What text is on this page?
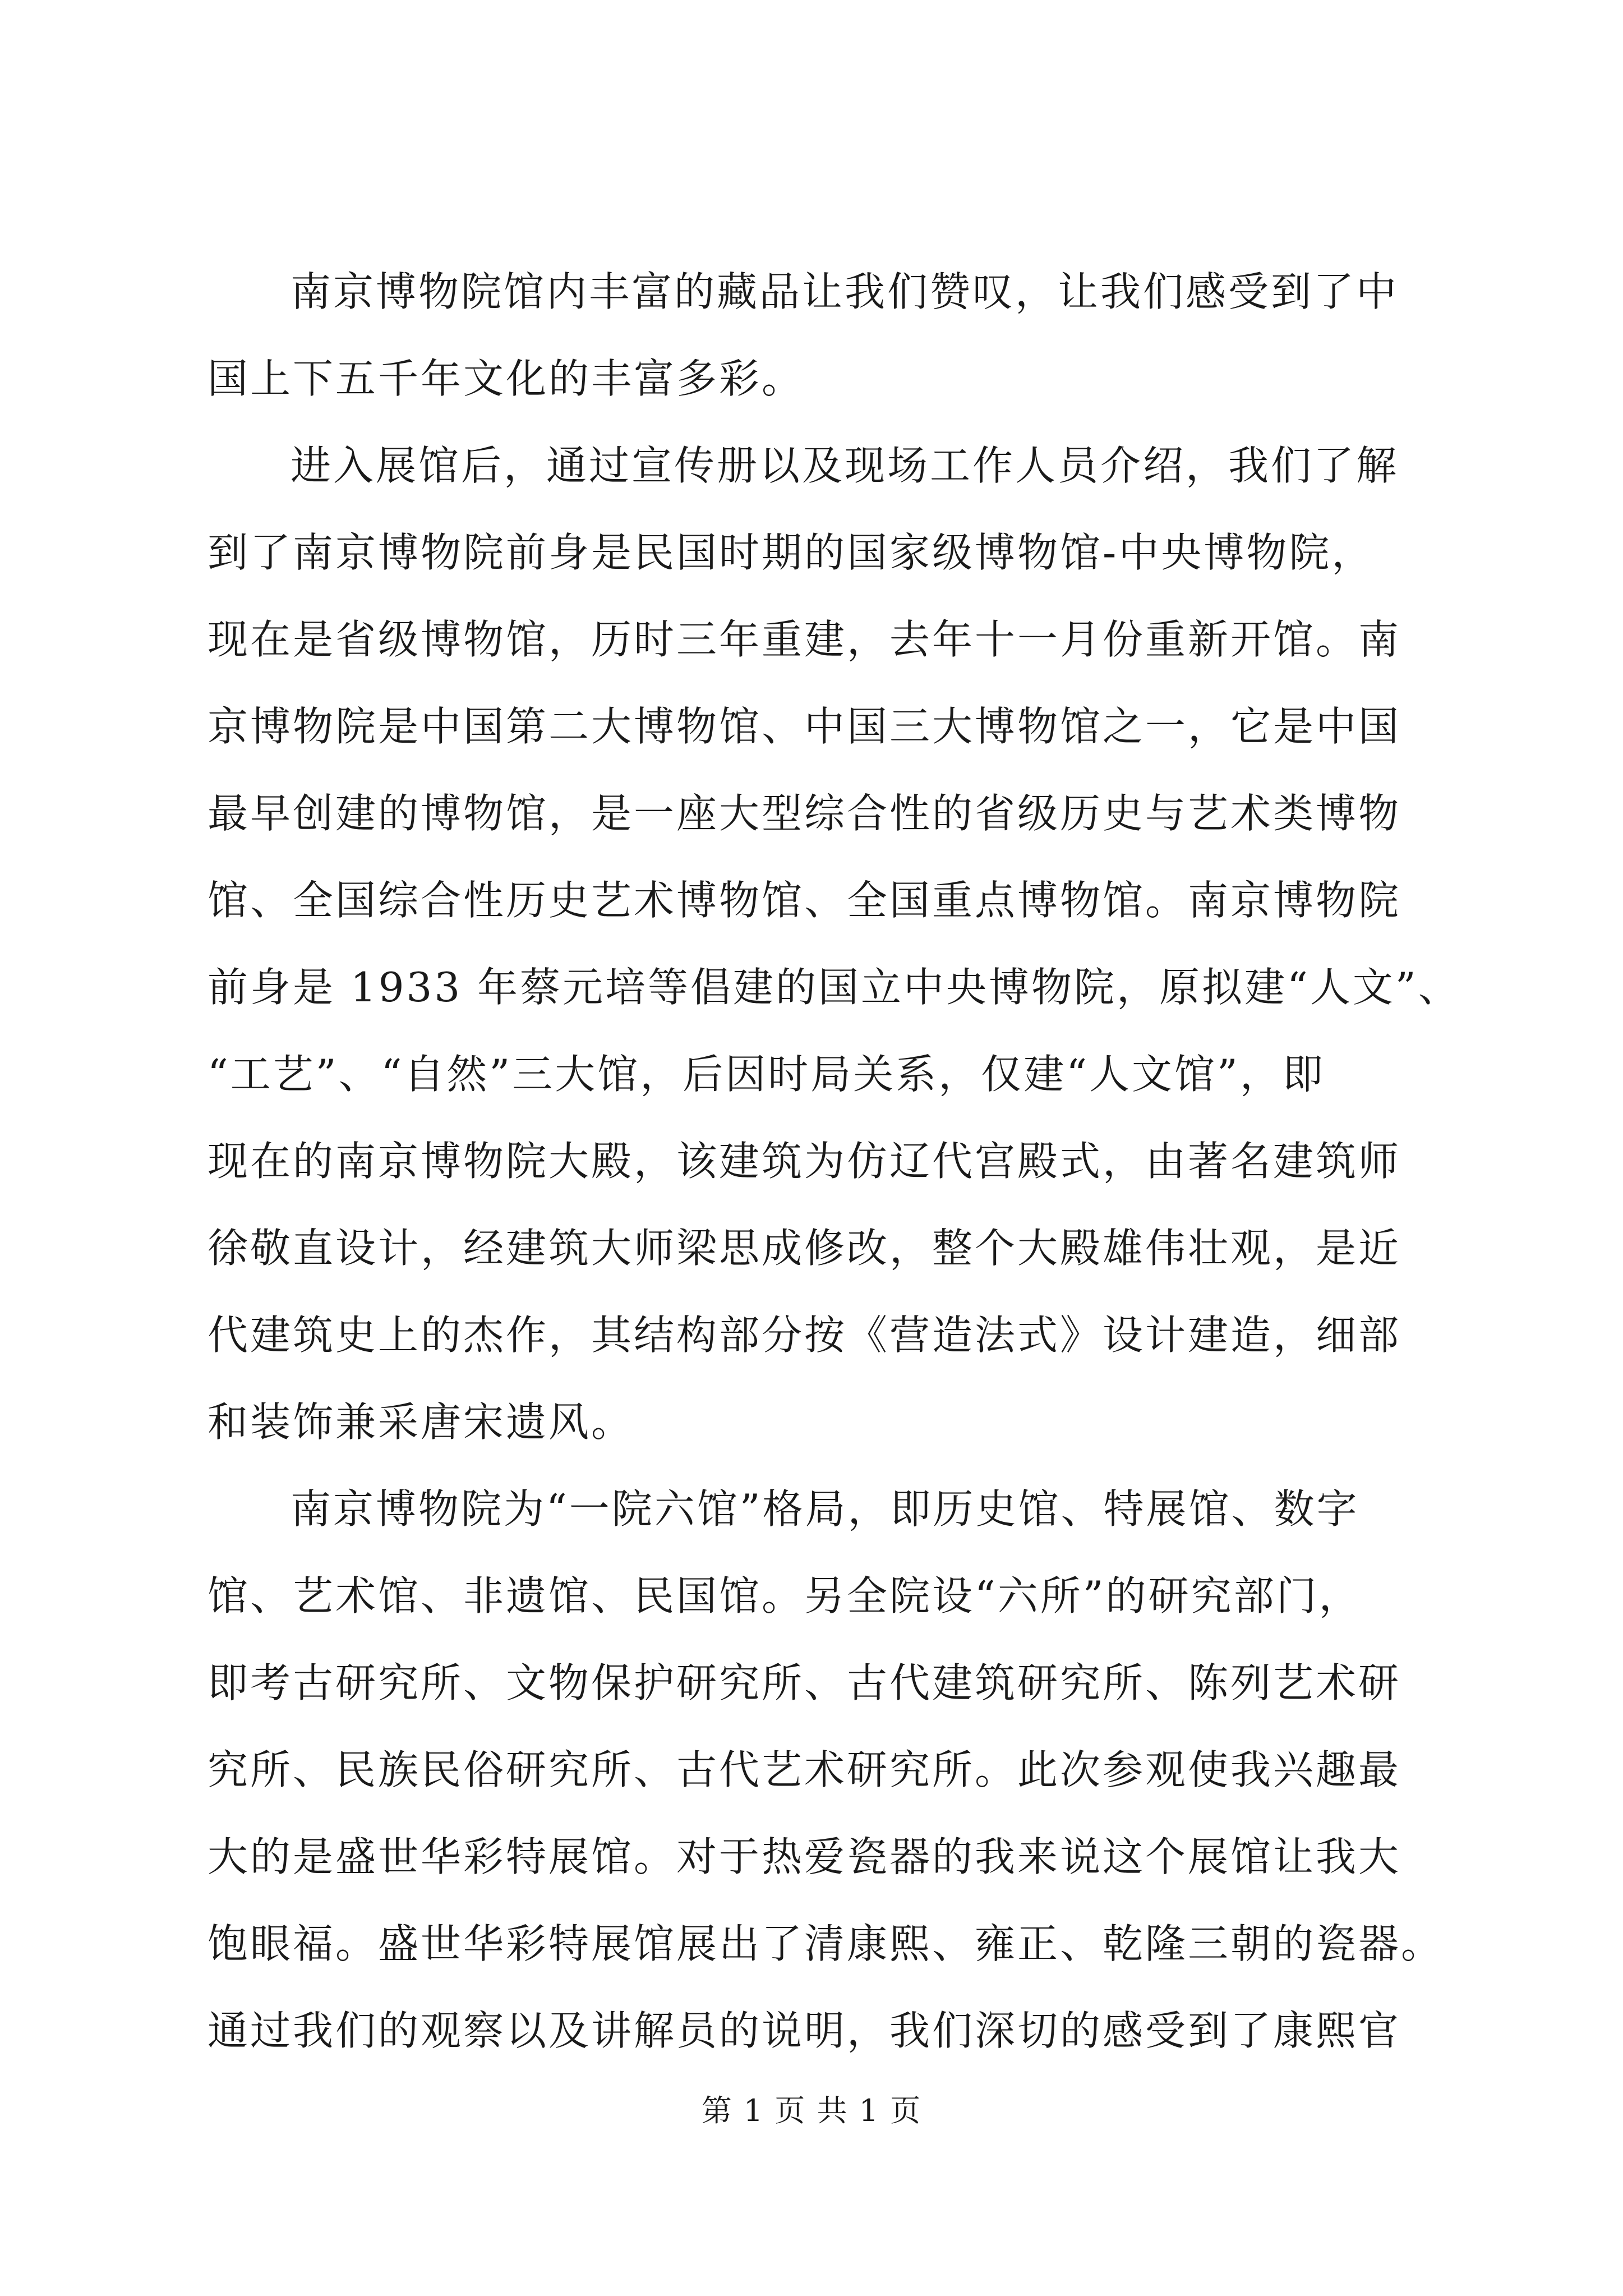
南京博物院馆内丰富的藏品让我们赞叹，让我们感受到了中
国上下五千年文化的丰富多彩。
进入展馆后，通过宣传册以及现场工作人员介绍，我们了解
到了南京博物院前身是民国时期的国家级博物馆-中央博物院，
现在是省级博物馆，历时三年重建，去年十一月份重新开馆。南
京博物院是中国第二大博物馆、中国三大博物馆之一，它是中国
最早创建的博物馆，是一座大型综合性的省级历史与艺术类博物
馆、全国综合性历史艺术博物馆、全国重点博物馆。南京博物院
前身是 1933 年蔡元培等倡建的国立中央博物院，原拟建“人文”、
“工艺”、“自然”三大馆，后因时局关系，仅建“人文馆”，即
现在的南京博物院大殿，该建筑为仿辽代宫殿式，由著名建筑师
徐敬直设计，经建筑大师梁思成修改，整个大殿雄伟壮观，是近
代建筑史上的杰作，其结构部分按《营造法式》设计建造，细部
和装饰兼采唐宋遗风。
南京博物院为“一院六馆”格局，即历史馆、特展馆、数字
馆、艺术馆、非遗馆、民国馆。另全院设“六所”的研究部门，
即考古研究所、文物保护研究所、古代建筑研究所、陈列艺术研
究所、民族民俗研究所、古代艺术研究所。此次参观使我兴趣最
大的是盛世华彩特展馆。对于热爱瓷器的我来说这个展馆让我大
饱眼福。盛世华彩特展馆展出了清康熙、雍正、乾隆三朝的瓷器。
通过我们的观察以及讲解员的说明，我们深切的感受到了康熙官
第 1 页 共 1 页
